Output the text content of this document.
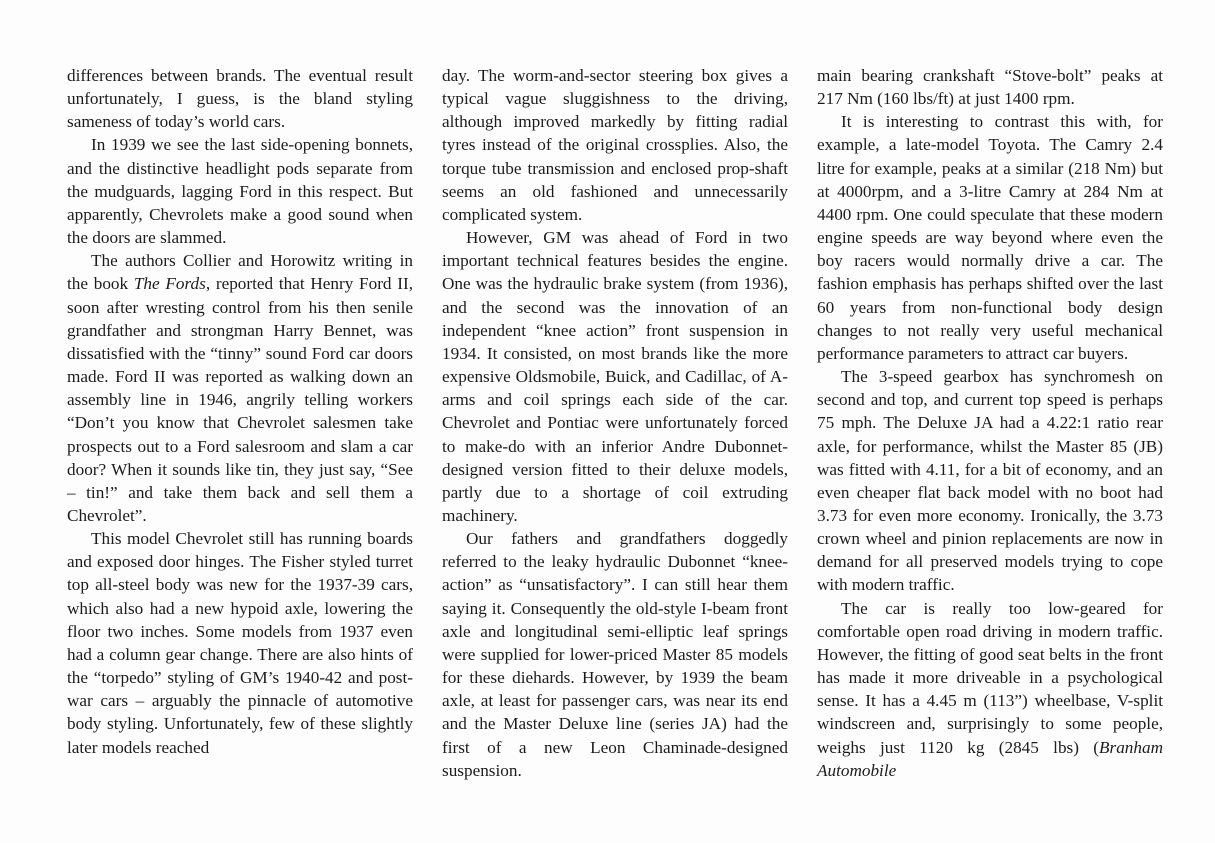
differences between brands. The eventual result unfortunately, I guess, is the bland styling sameness of today’s world cars.

In 1939 we see the last side-opening bonnets, and the distinctive headlight pods separate from the mudguards, lagging Ford in this respect. But apparently, Chevrolets make a good sound when the doors are slammed.

The authors Collier and Horowitz writing in the book The Fords, reported that Henry Ford II, soon after wresting control from his then senile grandfather and strongman Harry Bennet, was dissatisfied with the “tinny” sound Ford car doors made. Ford II was reported as walking down an assembly line in 1946, angrily telling workers “Don’t you know that Chevrolet salesmen take prospects out to a Ford salesroom and slam a car door? When it sounds like tin, they just say, “See – tin!” and take them back and sell them a Chevrolet”.

This model Chevrolet still has running boards and exposed door hinges. The Fisher styled turret top all-steel body was new for the 1937-39 cars, which also had a new hypoid axle, lowering the floor two inches. Some models from 1937 even had a column gear change. There are also hints of the “torpedo” styling of GM’s 1940-42 and post-war cars – arguably the pinnacle of automotive body styling. Unfortunately, few of these slightly later models reached

day. The worm-and-sector steering box gives a typical vague sluggishness to the driving, although improved markedly by fitting radial tyres instead of the original crossplies. Also, the torque tube transmission and enclosed prop-shaft seems an old fashioned and unnecessarily complicated system.

However, GM was ahead of Ford in two important technical features besides the engine. One was the hydraulic brake system (from 1936), and the second was the innovation of an independent “knee action” front suspension in 1934. It consisted, on most brands like the more expensive Oldsmobile, Buick, and Cadillac, of A-arms and coil springs each side of the car. Chevrolet and Pontiac were unfortunately forced to make-do with an inferior Andre Dubonnet-designed version fitted to their deluxe models, partly due to a shortage of coil extruding machinery.

Our fathers and grandfathers doggedly referred to the leaky hydraulic Dubonnet “knee-action” as “unsatisfactory”. I can still hear them saying it. Consequently the old-style I-beam front axle and longitudinal semi-elliptic leaf springs were supplied for lower-priced Master 85 models for these diehards. However, by 1939 the beam axle, at least for passenger cars, was near its end and the Master Deluxe line (series JA) had the first of a new Leon Chaminade-designed suspension.

main bearing crankshaft “Stove-bolt” peaks at 217 Nm (160 lbs/ft) at just 1400 rpm.

It is interesting to contrast this with, for example, a late-model Toyota. The Camry 2.4 litre for example, peaks at a similar (218 Nm) but at 4000rpm, and a 3-litre Camry at 284 Nm at 4400 rpm. One could speculate that these modern engine speeds are way beyond where even the boy racers would normally drive a car. The fashion emphasis has perhaps shifted over the last 60 years from non-functional body design changes to not really very useful mechanical performance parameters to attract car buyers.

The 3-speed gearbox has synchromesh on second and top, and current top speed is perhaps 75 mph. The Deluxe JA had a 4.22:1 ratio rear axle, for performance, whilst the Master 85 (JB) was fitted with 4.11, for a bit of economy, and an even cheaper flat back model with no boot had 3.73 for even more economy. Ironically, the 3.73 crown wheel and pinion replacements are now in demand for all preserved models trying to cope with modern traffic.

The car is really too low-geared for comfortable open road driving in modern traffic. However, the fitting of good seat belts in the front has made it more driveable in a psychological sense. It has a 4.45 m (113”) wheelbase, V-split windscreen and, surprisingly to some people, weighs just 1120 kg (2845 lbs) (Branham Automobile
